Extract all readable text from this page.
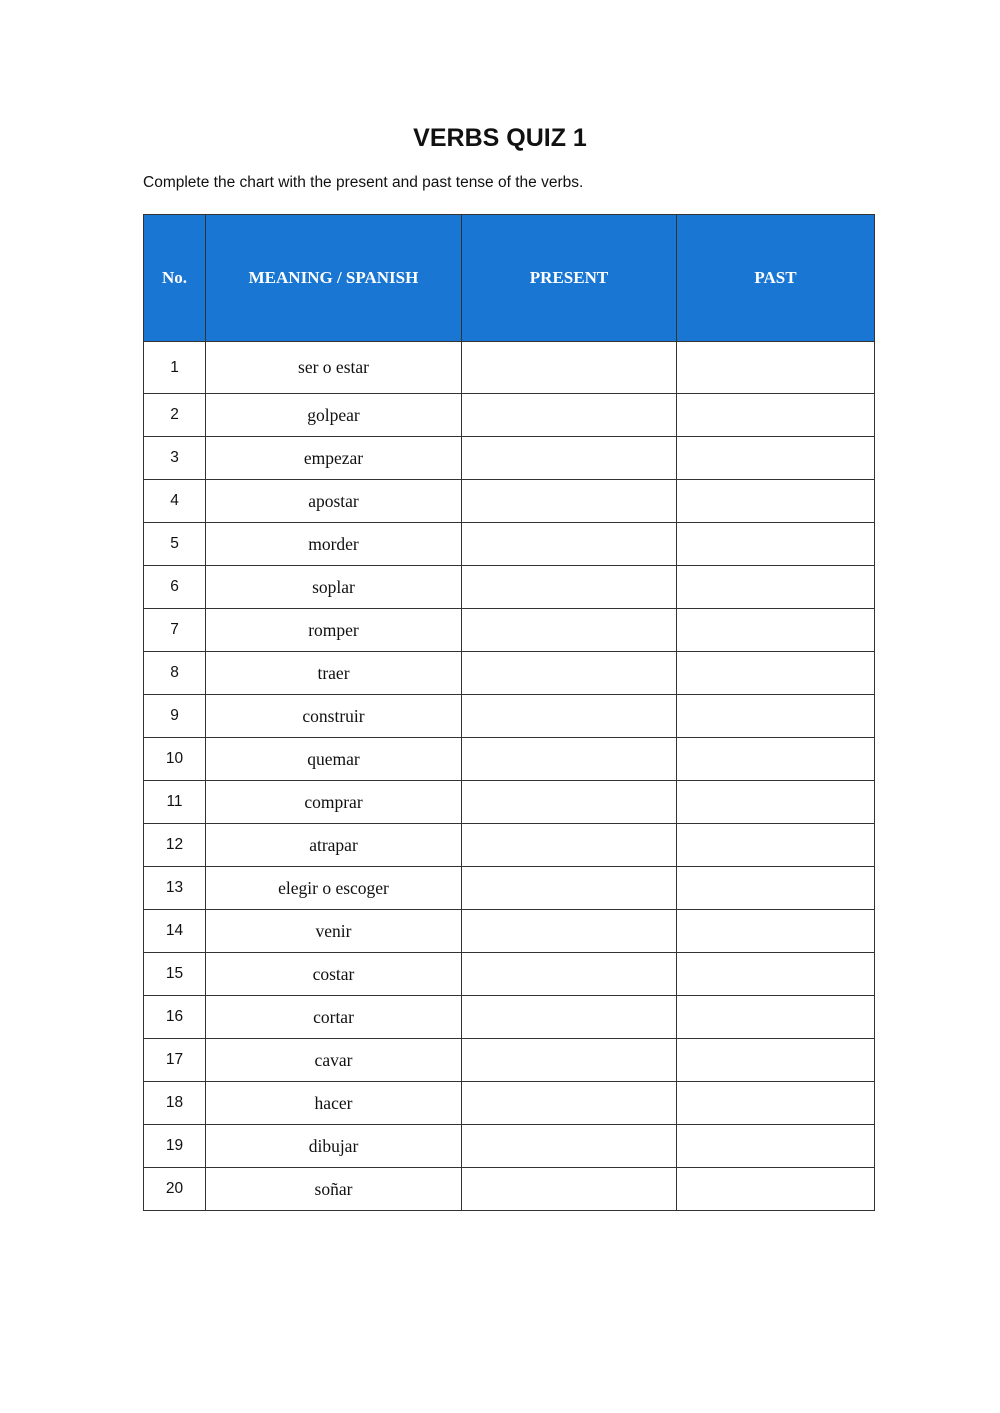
VERBS QUIZ 1

Complete the chart with the present and past tense of the verbs.

No.	MEANING / SPANISH	PRESENT	PAST
1	ser o estar		
2	golpear		
3	empezar		
4	apostar		
5	morder		
6	soplar		
7	romper		
8	traer		
9	construir		
10	quemar		
11	comprar		
12	atrapar		
13	elegir o escoger		
14	venir		
15	costar		
16	cortar		
17	cavar		
18	hacer		
19	dibujar		
20	soñar		
